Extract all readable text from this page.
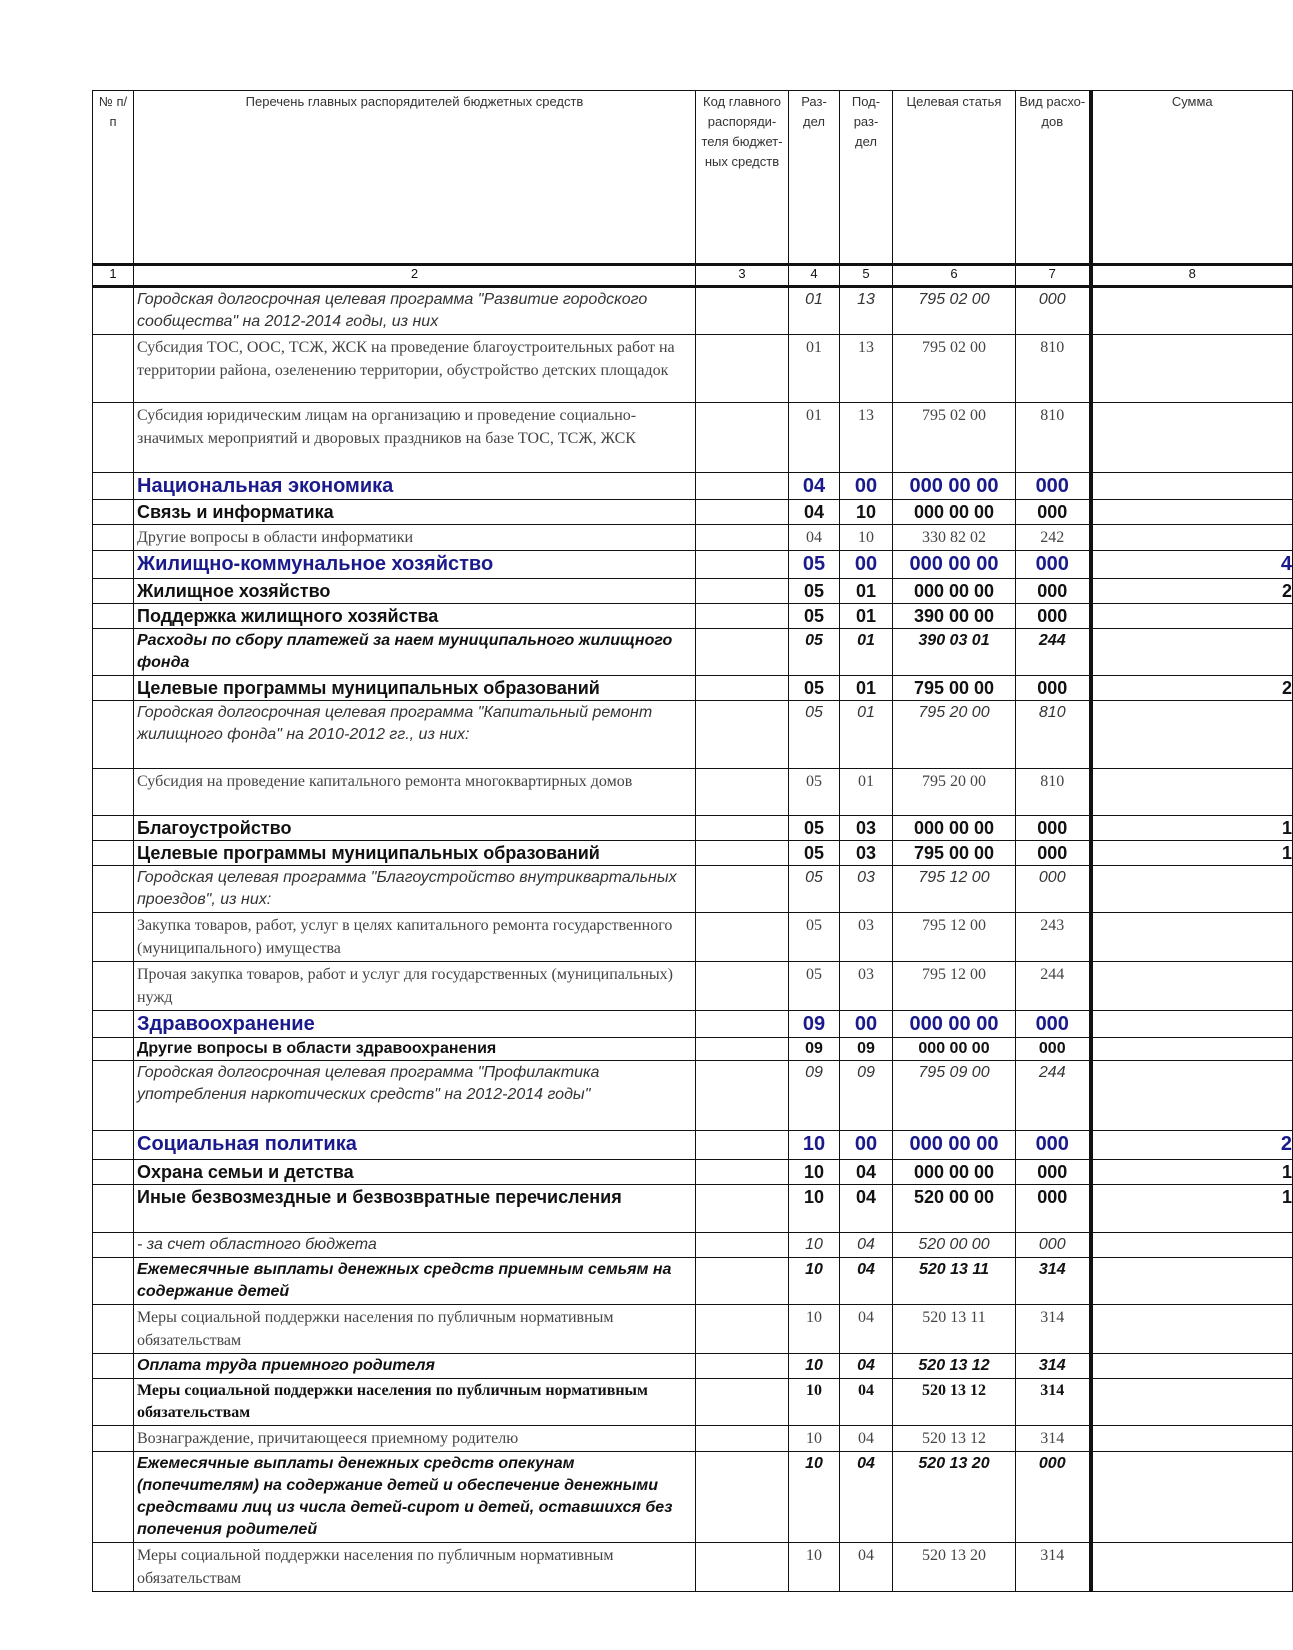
№ п/п	Перечень главных распорядителей бюджетных средств	Код главного распоряди-теля бюджет-ных средств	Раз-дел	Под-раз-дел	Целевая статья	Вид расхо-дов	Сумма
1	2	3	4	5	6	7	8
	Городская долгосрочная целевая программа "Развитие городского сообщества" на 2012-2014 годы, из них		01	13	795 02 00	000	
	Субсидия ТОС, ООС, ТСЖ, ЖСК на проведение благоустроительных работ на территории района, озеленению территории, обустройство детских площадок		01	13	795 02 00	810	
	Субсидия юридическим лицам на организацию и проведение социально-значимых мероприятий и дворовых праздников на базе ТОС, ТСЖ, ЖСК		01	13	795 02 00	810	
	Национальная экономика		04	00	000 00 00	000	
	Связь и информатика		04	10	000 00 00	000	
	Другие вопросы в области информатики		04	10	330 82 02	242	
	Жилищно-коммунальное хозяйство		05	00	000 00 00	000	4
	Жилищное хозяйство		05	01	000 00 00	000	2
	Поддержка жилищного хозяйства		05	01	390 00 00	000	
	Расходы по сбору платежей за наем муниципального жилищного фонда		05	01	390 03 01	244	
	Целевые программы муниципальных образований		05	01	795 00 00	000	2
	Городская долгосрочная целевая программа "Капитальный ремонт жилищного фонда" на 2010-2012 гг., из них:		05	01	795 20 00	810	
	Субсидия на проведение капитального ремонта многоквартирных домов		05	01	795 20 00	810	
	Благоустройство		05	03	000 00 00	000	1
	Целевые программы муниципальных образований		05	03	795 00 00	000	1
	Городская целевая программа "Благоустройство внутриквартальных проездов", из них:		05	03	795 12 00	000	
	Закупка товаров, работ, услуг в целях капитального ремонта государственного (муниципального) имущества		05	03	795 12 00	243	
	Прочая закупка товаров, работ и услуг для государственных (муниципальных) нужд		05	03	795 12 00	244	
	Здравоохранение		09	00	000 00 00	000	
	Другие вопросы в области здравоохранения		09	09	000 00 00	000	
	Городская долгосрочная целевая программа "Профилактика употребления наркотических средств" на 2012-2014 годы"		09	09	795 09 00	244	
	Социальная политика		10	00	000 00 00	000	2
	Охрана семьи и детства		10	04	000 00 00	000	1
	Иные безвозмездные и безвозвратные перечисления		10	04	520 00 00	000	1
	- за счет областного бюджета		10	04	520 00 00	000	
	Ежемесячные выплаты денежных средств приемным семьям на содержание детей		10	04	520 13 11	314	
	Меры социальной поддержки населения по публичным нормативным обязательствам		10	04	520 13 11	314	
	Оплата труда приемного родителя		10	04	520 13 12	314	
	Меры социальной поддержки населения по публичным нормативным обязательствам		10	04	520 13 12	314	
	Вознаграждение, причитающееся приемному родителю		10	04	520 13 12	314	
	Ежемесячные выплаты денежных средств опекунам (попечителям) на содержание детей и обеспечение денежными средствами лиц из числа детей-сирот и детей, оставшихся без попечения родителей		10	04	520 13 20	000	
	Меры социальной поддержки населения по публичным нормативным обязательствам		10	04	520 13 20	314	
